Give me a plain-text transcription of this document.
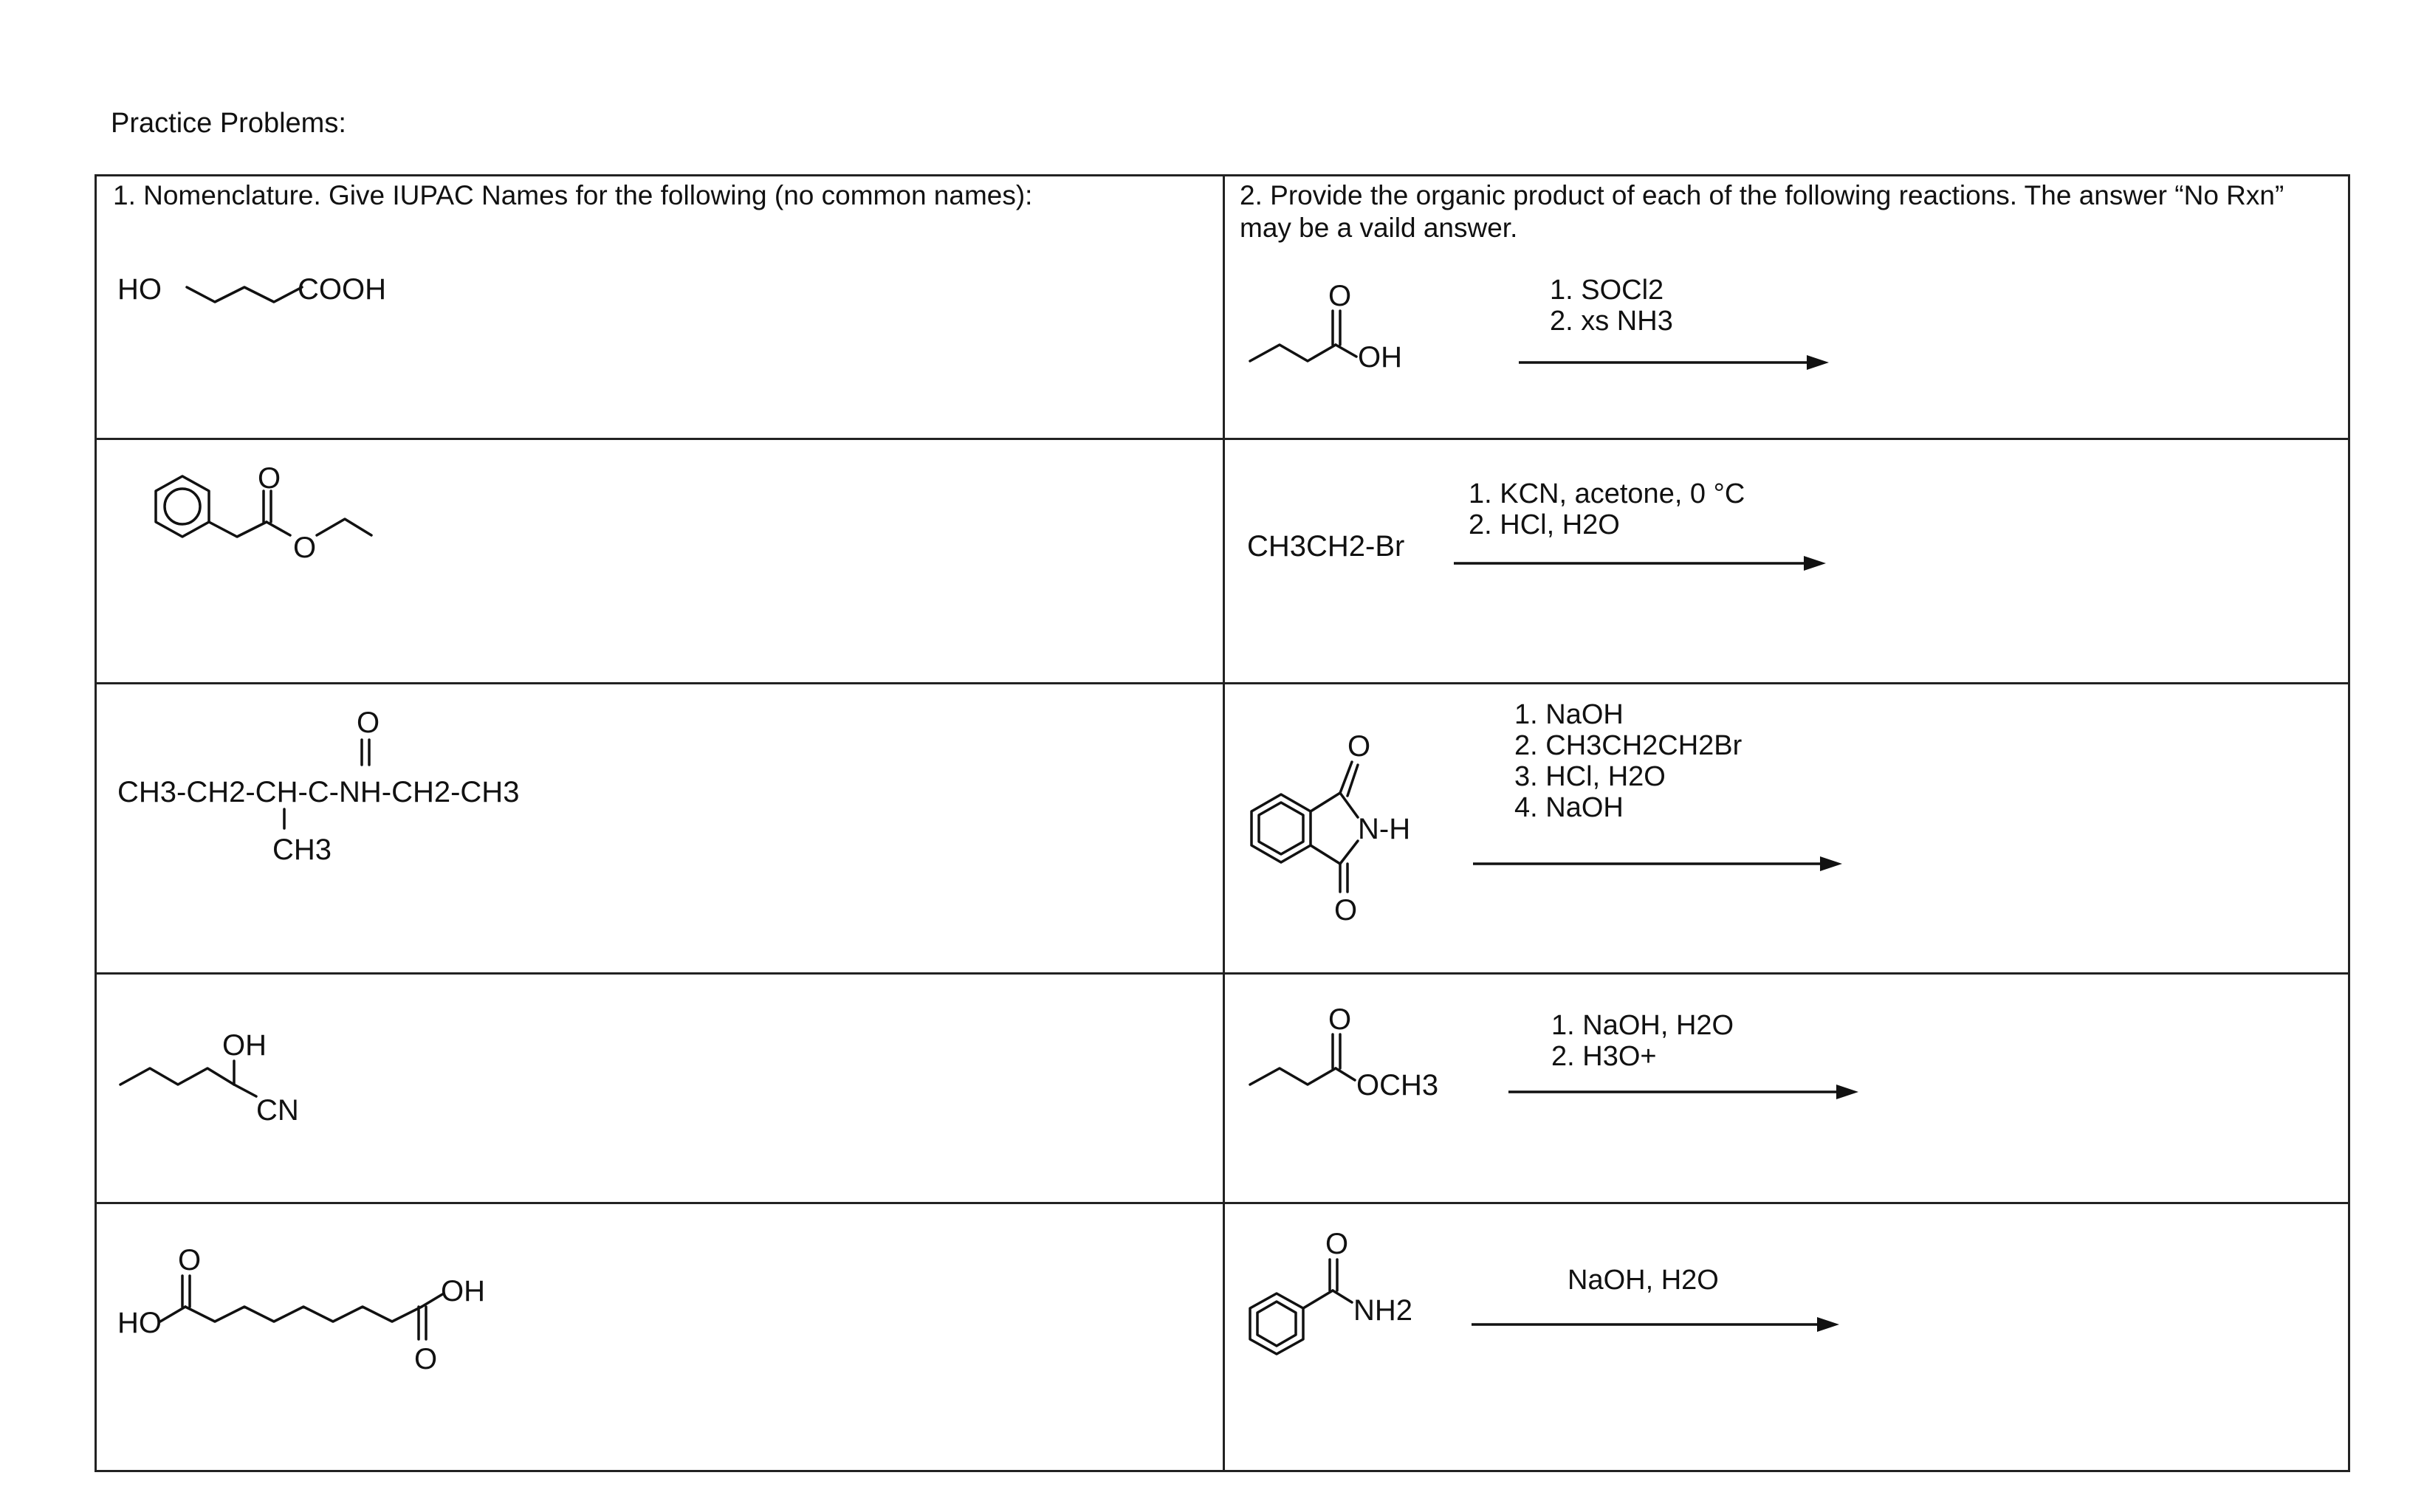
Practice Problems:
1. Nomenclature. Give IUPAC Names for the following (no common names):	2. Provide the organic product of each of the following reactions. The answer “No Rxn”
may be a vaild answer.
HO	COOH
O
O
O
CH3-CH2-CH-C-NH-CH2-CH3
CH3
OH
CN
HO
O
O
OH
O
OH
1. SOCl2
2. xs NH3
CH3CH2-Br
1. KCN, acetone, 0 °C
2. HCl, H2O
O
O
N-H
1. NaOH
2. CH3CH2CH2Br
3. HCl, H2O
4. NaOH
O
OCH3
1. NaOH, H2O
2. H3O+
O
NH2
NaOH, H2O
